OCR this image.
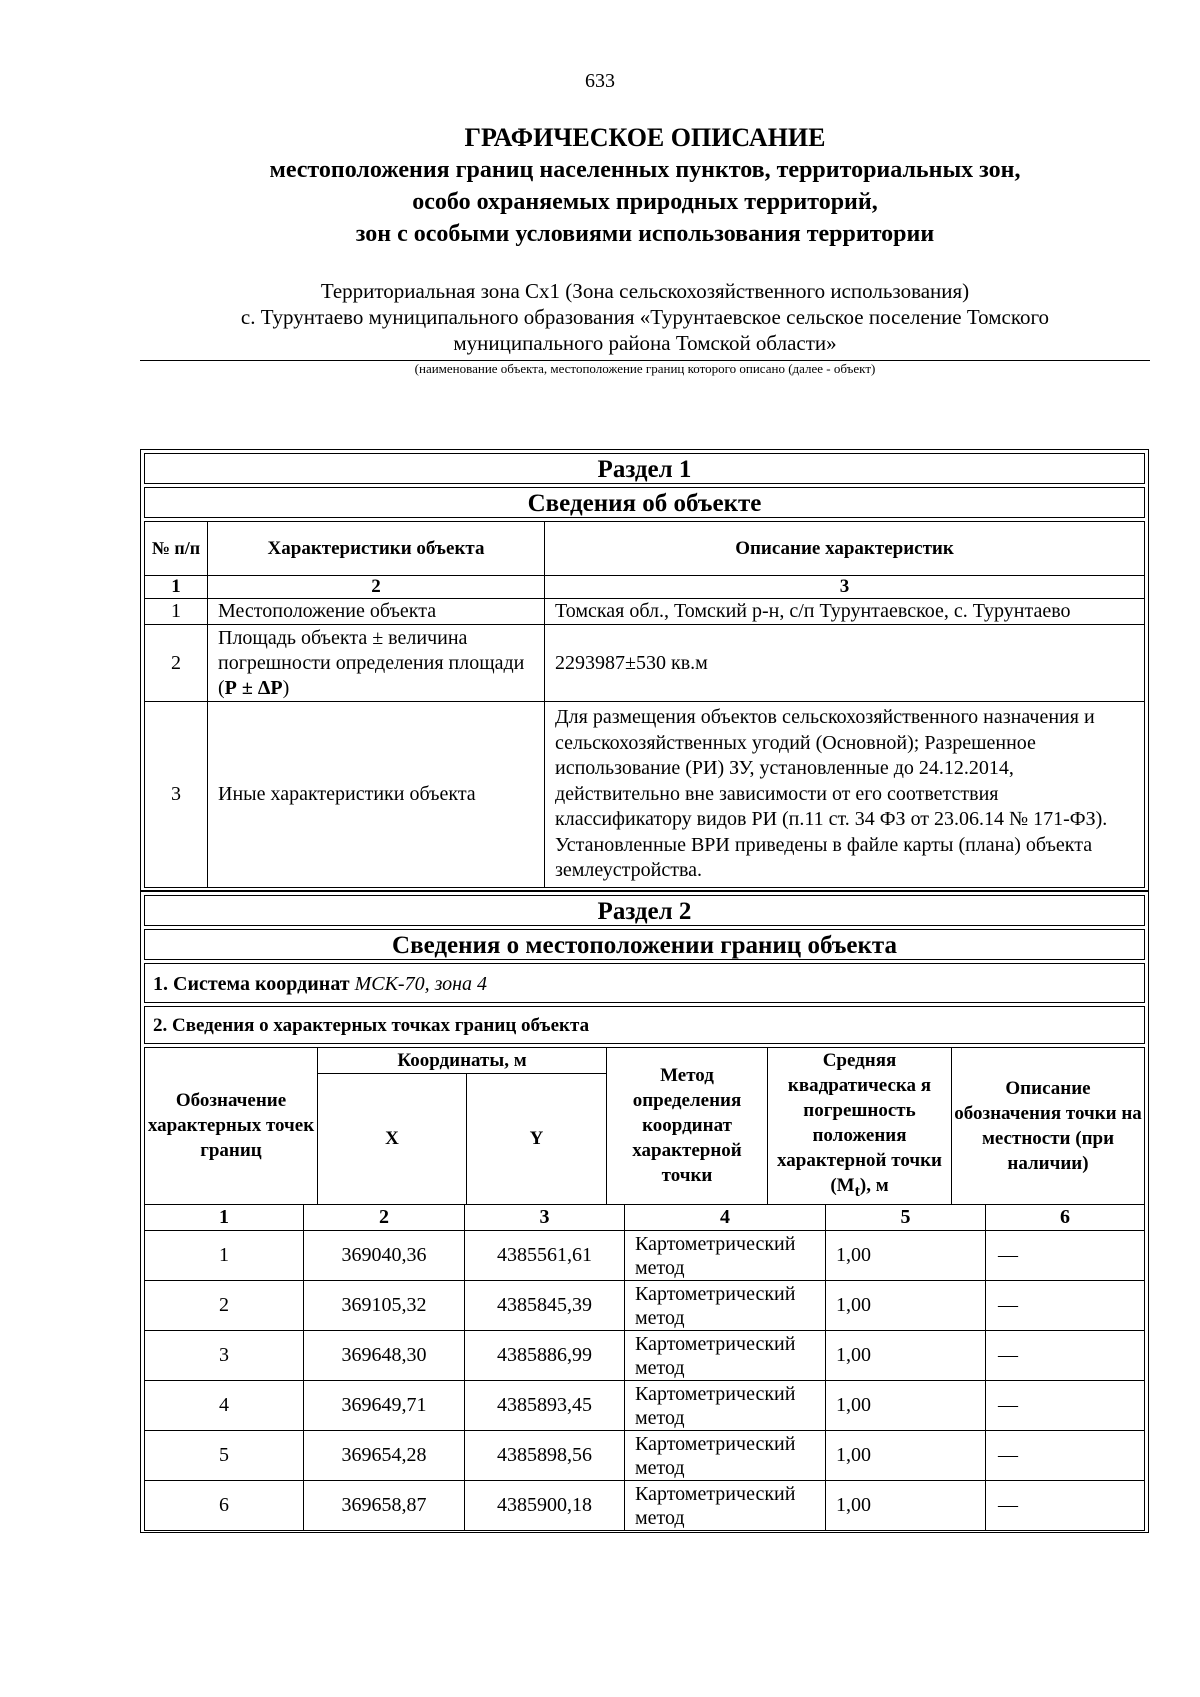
633
ГРАФИЧЕСКОЕ ОПИСАНИЕ
местоположения границ населенных пунктов, территориальных зон,
особо охраняемых природных территорий,
зон с особыми условиями использования территории
Территориальная зона Сх1 (Зона сельскохозяйственного использования)
с. Турунтаево муниципального образования «Турунтаевское сельское поселение Томского
муниципального района Томской области»
(наименование объекта, местоположение границ которого описано (далее - объект)
Раздел 1
Сведения об объекте
№ п/п	Характеристики объекта	Описание характеристик
1	2	3
1	Местоположение объекта	Томская обл., Томский р-н, с/п Турунтаевское, с. Турунтаево
2	Площадь объекта ± величина погрешности определения площади (Р ± ΔР)	2293987±530 кв.м
3	Иные характеристики объекта	Для размещения объектов сельскохозяйственного назначения и сельскохозяйственных угодий (Основной); Разрешенное использование (РИ) ЗУ, установленные до 24.12.2014, действительно вне зависимости от его соответствия классификатору видов РИ (п.11 ст. 34 ФЗ от 23.06.14 № 171-ФЗ). Установленные ВРИ приведены в файле карты (плана) объекта землеустройства.
Раздел 2
Сведения о местоположении границ объекта
1. Система координат МСК-70, зона 4
2. Сведения о характерных точках границ объекта
Обозначение характерных точек границ	Координаты, м		Метод определения координат характерной точки	Средняя квадратическа я погрешность положения характерной точки $(M_t)$, м	Описание обозначения точки на местности (при наличии)
	X	Y			
1	2	3	4	5	6
1	369040,36	4385561,61	Картометрический метод	1,00	—
2	369105,32	4385845,39	Картометрический метод	1,00	—
3	369648,30	4385886,99	Картометрический метод	1,00	—
4	369649,71	4385893,45	Картометрический метод	1,00	—
5	369654,28	4385898,56	Картометрический метод	1,00	—
6	369658,87	4385900,18	Картометрический метод	1,00	—
